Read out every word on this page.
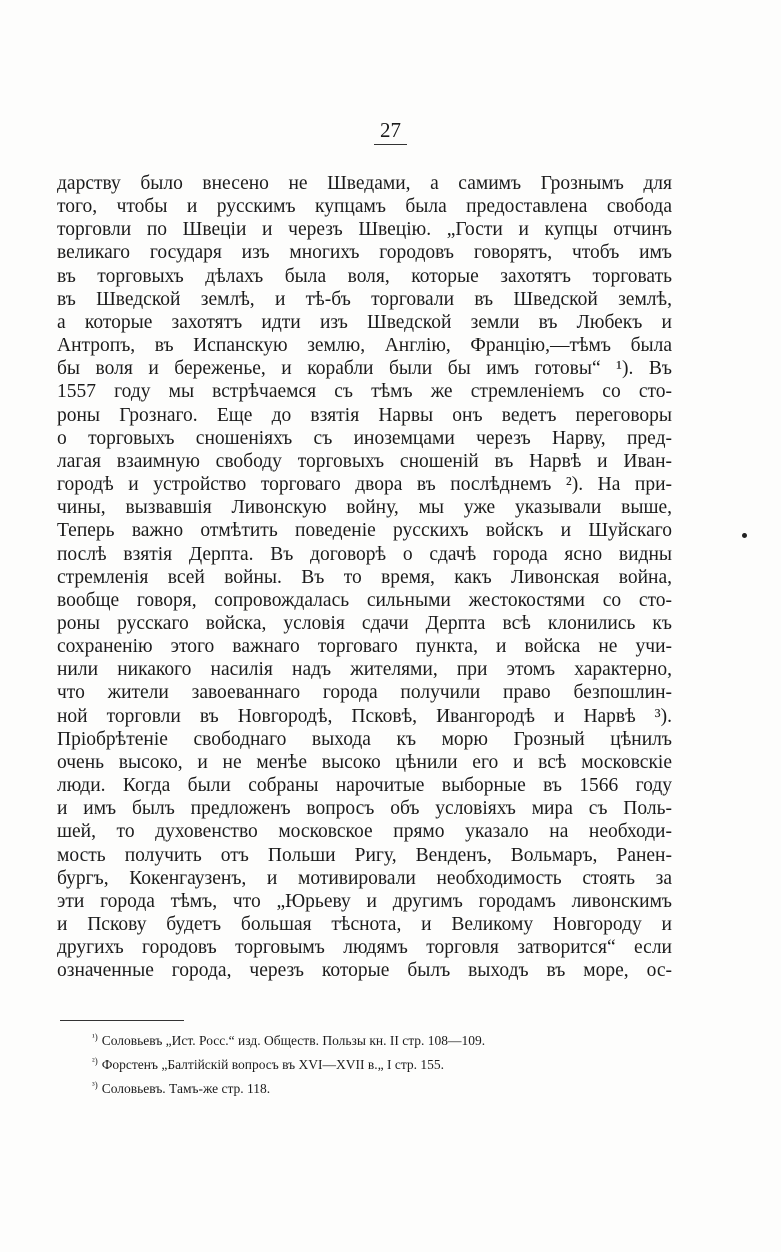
27
дарству было внесено не Шведами, а самимъ Грознымъ для
того, чтобы и русскимъ купцамъ была предоставлена свобода
торговли по Швеціи и черезъ Швецію. „Гости и купцы отчинъ
великаго государя изъ многихъ городовъ говорятъ, чтобъ имъ
въ торговыхъ дѣлахъ была воля, которые захотятъ торговать
въ Шведской землѣ, и тѣ-бъ торговали въ Шведской землѣ,
а которые захотятъ идти изъ Шведской земли въ Любекъ и
Антропъ, въ Испанскую землю, Англію, Францію,—тѣмъ была
бы воля и береженье, и корабли были бы имъ готовы“ ¹). Въ
1557 году мы встрѣчаемся съ тѣмъ же стремленіемъ со сто-
роны Грознаго. Еще до взятія Нарвы онъ ведетъ переговоры
о торговыхъ сношеніяхъ съ иноземцами черезъ Нарву, пред-
лагая взаимную свободу торговыхъ сношеній въ Нарвѣ и Иван-
городѣ и устройство торговаго двора въ послѣднемъ ²). На при-
чины, вызвавшія Ливонскую войну, мы уже указывали выше,
Теперь важно отмѣтить поведеніе русскихъ войскъ и Шуйскаго
послѣ взятія Дерпта. Въ договорѣ о сдачѣ города ясно видны
стремленія всей войны. Въ то время, какъ Ливонская война,
вообще говоря, сопровождалась сильными жестокостями со сто-
роны русскаго войска, условія сдачи Дерпта всѣ клонились къ
сохраненію этого важнаго торговаго пункта, и войска не учи-
нили никакого насилія надъ жителями, при этомъ характерно,
что жители завоеваннаго города получили право безпошлин-
ной торговли въ Новгородѣ, Псковѣ, Ивангородѣ и Нарвѣ ³).
Пріобрѣтеніе свободнаго выхода къ морю Грозный цѣнилъ
очень высоко, и не менѣе высоко цѣнили его и всѣ московскіе
люди. Когда были собраны нарочитые выборные въ 1566 году
и имъ былъ предложенъ вопросъ объ условіяхъ мира съ Поль-
шей, то духовенство московское прямо указало на необходи-
мость получить отъ Польши Ригу, Венденъ, Вольмаръ, Ранен-
бургъ, Кокенгаузенъ, и мотивировали необходимость стоять за
эти города тѣмъ, что „Юрьеву и другимъ городамъ ливонскимъ
и Пскову будетъ большая тѣснота, и Великому Новгороду и
другихъ городовъ торговымъ людямъ торговля затворится“ если
означенные города, черезъ которые былъ выходъ въ море, ос-
$^{^1)}$ Соловьевъ „Ист. Росс.“ изд. Обществ. Пользы кн. II стр. 108—109.
$^{^2)}$ Форстенъ „Балтійскій вопросъ въ XVI—XVII в.„ I стр. 155.
$^{^3)}$ Соловьевъ. Тамъ-же стр. 118.
